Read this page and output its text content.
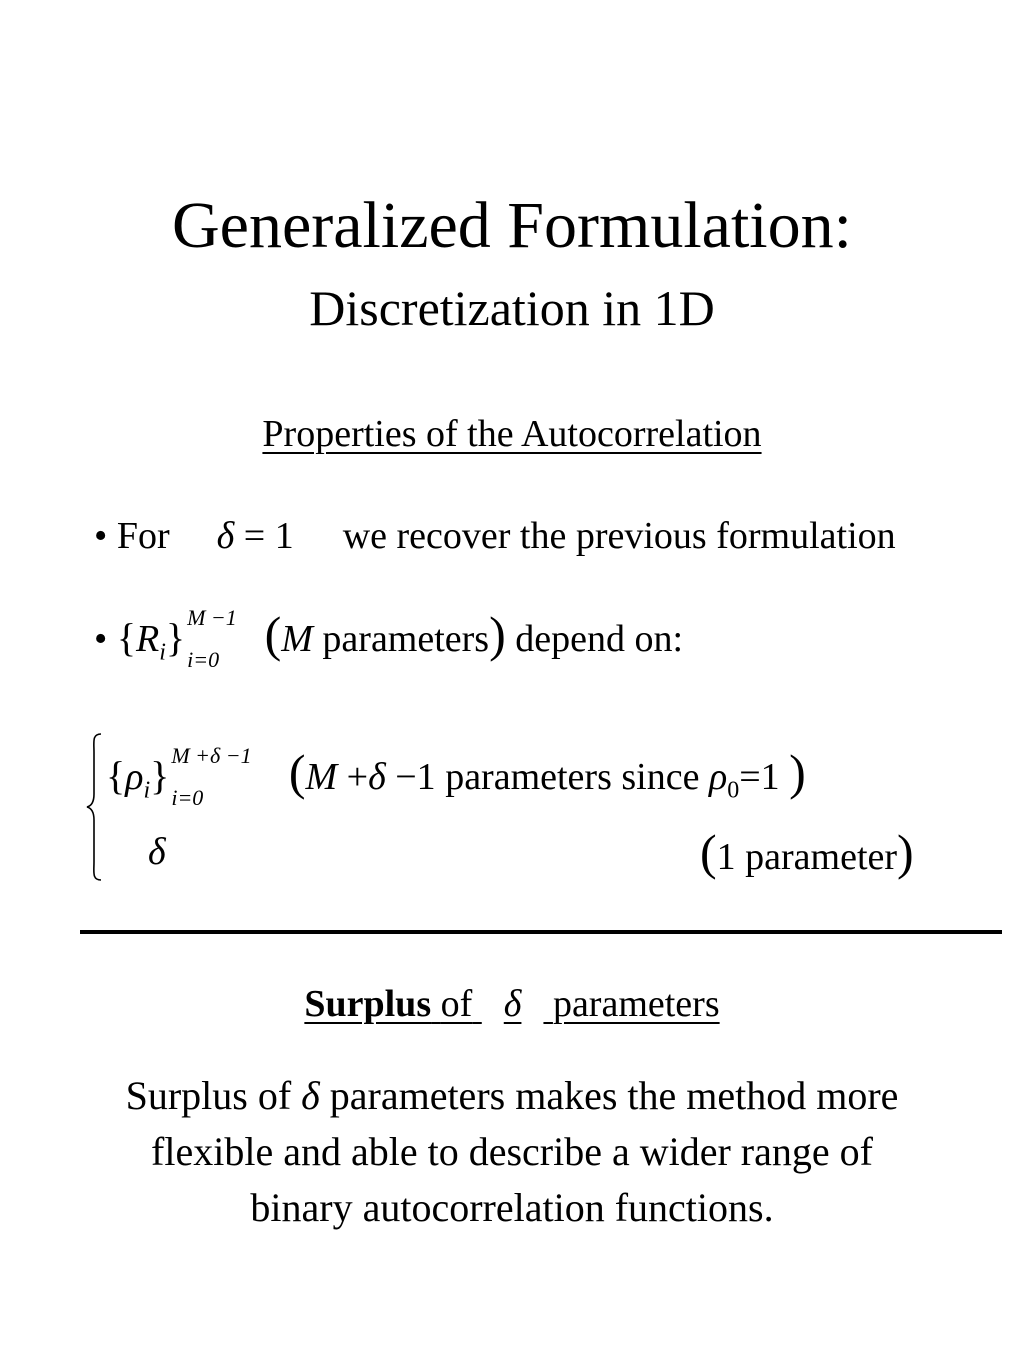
Generalized Formulation:
Discretization in 1D
Properties of the Autocorrelation
• For δ = 1 we recover the previous formulation
• $\{R_i\}$ M −1
i=0 (M parameters) depend on:
$\{\rho_i\}$ M +δ −1
i=0 (M +δ −1 parameters since $\rho_0=1$ )
δ	(1 parameter)
Surplus of δ parameters
Surplus of δ parameters makes the method more
flexible and able to describe a wider range of
binary autocorrelation functions.
